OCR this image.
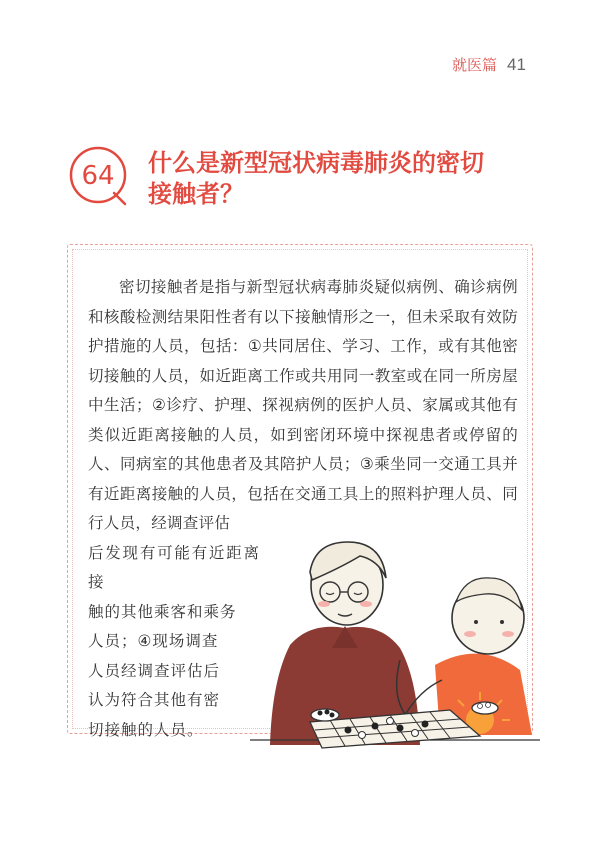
就医篇 41
64 什么是新型冠状病毒肺炎的密切
接触者？

密切接触者是指与新型冠状病毒肺炎疑似病例、确诊病例和核酸检测结果阳性者有以下接触情形之一，但未采取有效防护措施的人员，包括：①共同居住、学习、工作，或有其他密切接触的人员，如近距离工作或共用同一教室或在同一所房屋中生活；②诊疗、护理、探视病例的医护人员、家属或其他有类似近距离接触的人员，如到密闭环境中探视患者或停留的人、同病室的其他患者及其陪护人员；③乘坐同一交通工具并有近距离接触的人员，包括在交通工具上的照料护理人员、同行人员，经调查评估

后发现有可能有近距离接
触的其他乘客和乘务
人员；④现场调查
人员经调查评估后
认为符合其他有密
切接触的人员。
